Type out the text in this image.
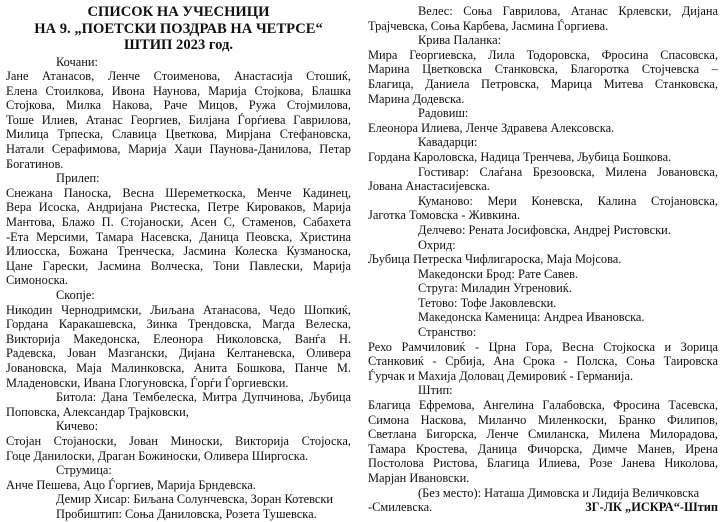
СПИСОК НА УЧЕСНИЦИ
НА 9. „ПОЕТСКИ ПОЗДРАВ НА ЧЕТРСЕ“
ШТИП 2023 год.
Кочани:
Јане Атанасов, Ленче Стоименова, Анастасија Стошиќ,
Елена Стоилкова, Ивона Наунова, Марија Стојкова, Блашка
Стојкова, Милка Накова, Раче Мицов, Ружа Стојмилова,
Тоше Илиев, Атанас Георгиев, Билјана Ѓорѓиева Гаврилова,
Милица Трпеска, Славица Цветкова, Мирјана Стефановска,
Натали Серафимова, Марија Хаџи Паунова-Данилова, Петар
Богатинов.
Прилеп:
Снежана Паноска, Весна Шереметкоска, Менче Кадинец,
Вера Исоска, Андријана Ристеска, Петре Кироваков, Марија
Мантова, Блажо П. Стојаноски, Асен С, Стаменов, Сабахета
-Ета Мерсими, Тамара Насевска, Даница Пеовска, Христина
Илиосска, Божана Тренческа, Јасмина Колеска Кузманоска,
Цане Гарески, Јасмина Волческа, Тони Павлески, Марија
Симоноска.
Скопје:
Никодин Чернодримски, Љиљана Атанасова, Чедо Шопкиќ,
Гордана Каракашевска, Зинка Трендовска, Магда Велеска,
Викторија Македонска, Елеонора Николовска, Ванѓа Н.
Радевска, Јован Мазгански, Дијана Келтаневска, Оливера
Јовановска, Маја Малинковска, Анита Бошкова, Панче М.
Младеновски, Ивана Глогуновска, Ѓорѓи Ѓоргиевски.
Битола: Дана Тембелеска, Митра Дупчинова, Љубица
Поповска, Александар Трајковски,
Кичево:
Стојан Стојаноски, Јован Миноски, Викторија Стојоска,
Гоце Данилоски, Драган Божиноски, Оливера Ширгоска.
Струмица:
Анче Пешева, Ацо Ѓоргиев, Марија Брндевска.
Демир Хисар: Биљана Солунчевска, Зоран Котевски
Пробиштип: Соња Даниловска, Розета Тушевска.
Велес: Соња Гаврилова, Атанас Крлевски, Дијана
Трајчевска, Соња Карбева, Јасмина Ѓоргиева.
Крива Паланка:
Мира Георгиевска, Лила Тодоровска, Фросина Спасовска,
Марина Цветковска Станковска, Благоротка Стојчевска –
Благица, Даниела Петровска, Марица Митева Станковска,
Марина Додевска.
Радовиш:
Елеонора Илиева, Ленче Здравева Алексовска.
Кавадарци:
Гордана Кароловска, Надица Тренчева, Љубица Бошкова.
Гостивар: Слаѓана Брезоовска, Милена Јовановска,
Јована Анастасијевска.
Куманово: Мери Коневска, Калина Стојановска,
Јаготка Томовска - Живкина.
Делчево: Рената Јосифовска, Андреј Ристовски.
Охрид:
Љубица Петреска Чифлигароска, Маја Мојсова.
Македонски Брод: Рате Савев.
Струга: Миладин Угреновиќ.
Тетово: Тофе Јаковлевски.
Македонска Каменица: Андреа Ивановска.
Странство:
Рехо Рамчиловиќ - Црна Гора, Весна Стојкоска и Зорица
Станковиќ - Србија, Ана Срока - Полска, Соња Таировска
Ѓурчак и Махија Доловац Демировиќ - Германија.
Штип:
Благица Ефремова, Ангелина Галабовска, Фросина Тасевска,
Симона Наскова, Миланчо Миленкоски, Бранко Филипов,
Светлана Бигорска, Ленче Смиланска, Милена Милорадова,
Тамара Кростева, Даница Фичорска, Димче Манев, Ирена
Постолова Ристова, Благица Илиева, Розе Јанева Николова,
Марјан Ивановски.
(Без место): Наташа Димовска и Лидија Величковска
-Смилевска.	ЗГ-ЛК „ИСКРА“-Штип
